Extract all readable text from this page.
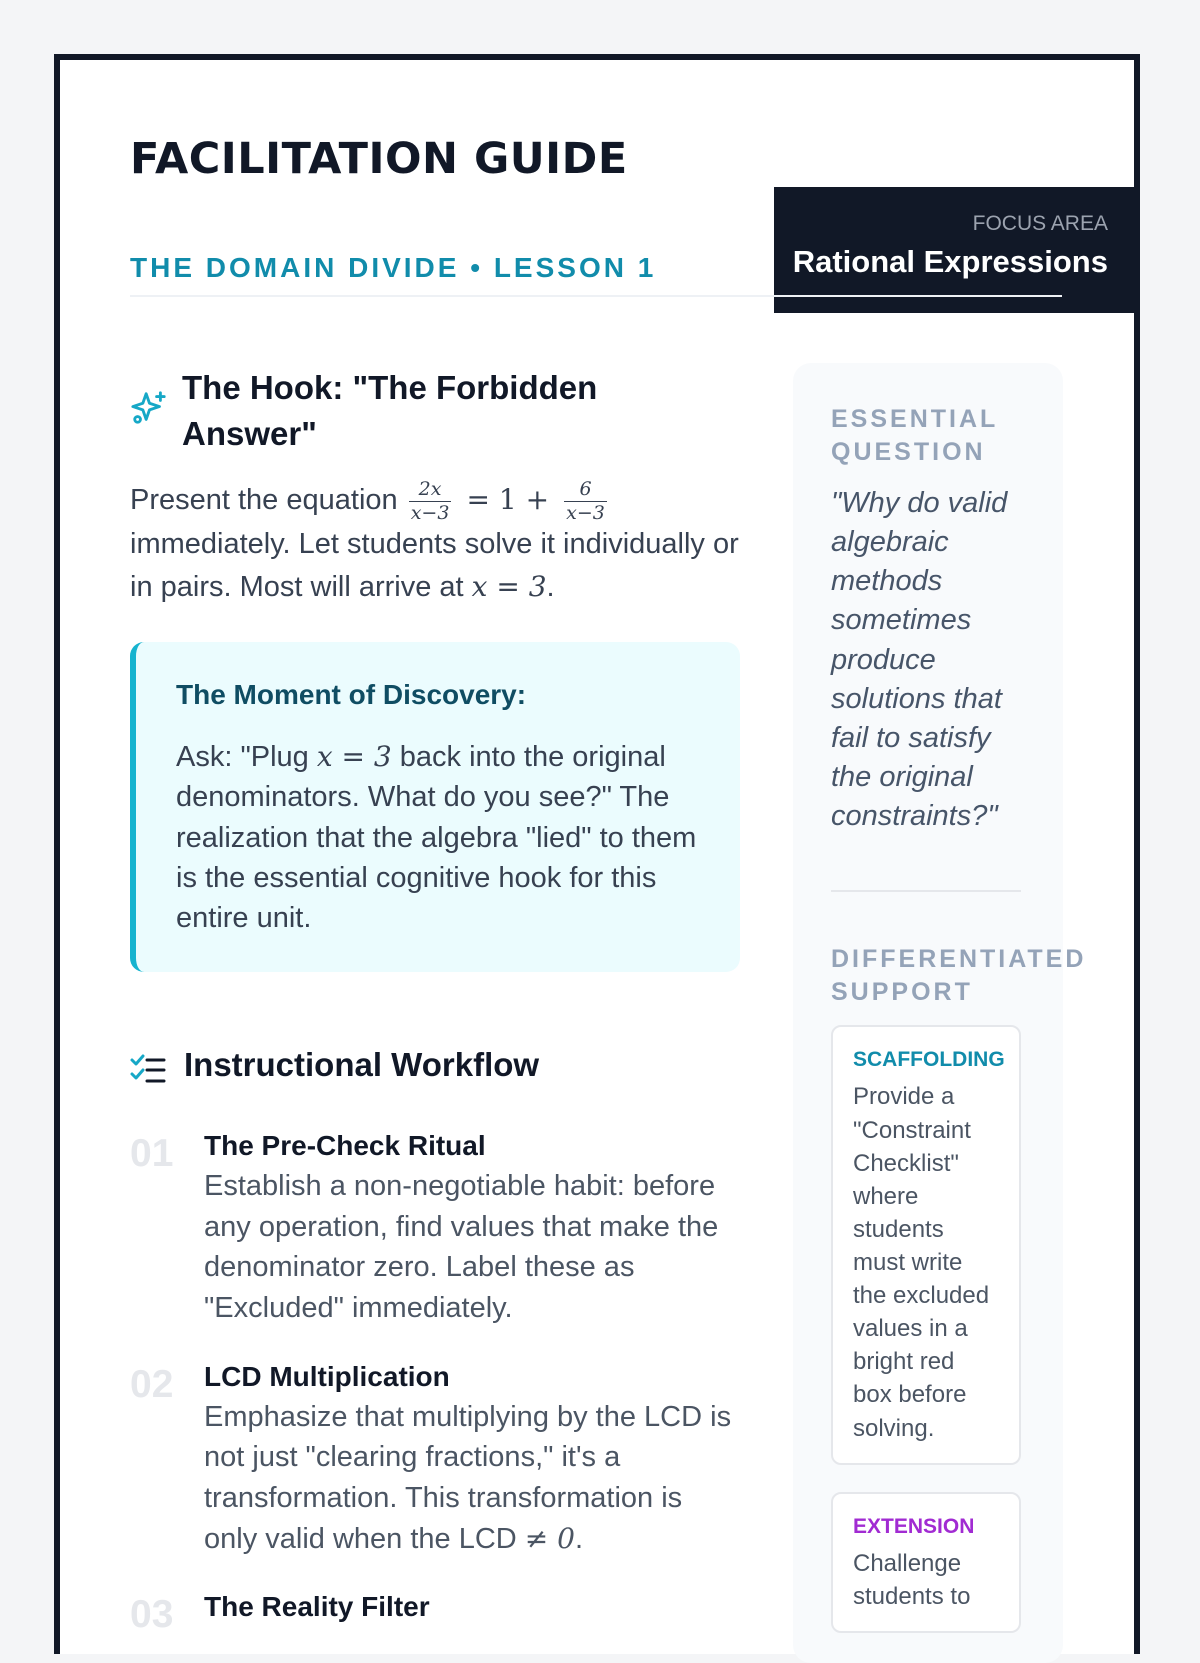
FACILITATION GUIDE
THE DOMAIN DIVIDE • LESSON 1
FOCUS AREA
Rational Expressions
The Hook: "The Forbidden Answer"

Present the equation $\frac{2x}{x-3} = 1 + \frac{6}{x-3}$
immediately. Let students solve it individually or in pairs. Most will arrive at x = 3.

The Moment of Discovery:

Ask: "Plug x = 3 back into the original denominators. What do you see?" The realization that the algebra "lied" to them is the essential cognitive hook for this entire unit.

Instructional Workflow
01 The Pre-Check Ritual

Establish a non-negotiable habit: before any operation, find values that make the denominator zero. Label these as "Excluded" immediately.

02 LCD Multiplication

Emphasize that multiplying by the LCD is not just "clearing fractions," it's a transformation. This transformation is only valid when the LCD ≠ 0.

03 The Reality Filter

ESSENTIAL QUESTION

"Why do valid algebraic methods sometimes produce solutions that fail to satisfy the original constraints?"

DIFFERENTIATED SUPPORT

SCAFFOLDING

Provide a "Constraint Checklist" where students must write the excluded values in a bright red box before solving.

EXTENSION

Challenge students to
